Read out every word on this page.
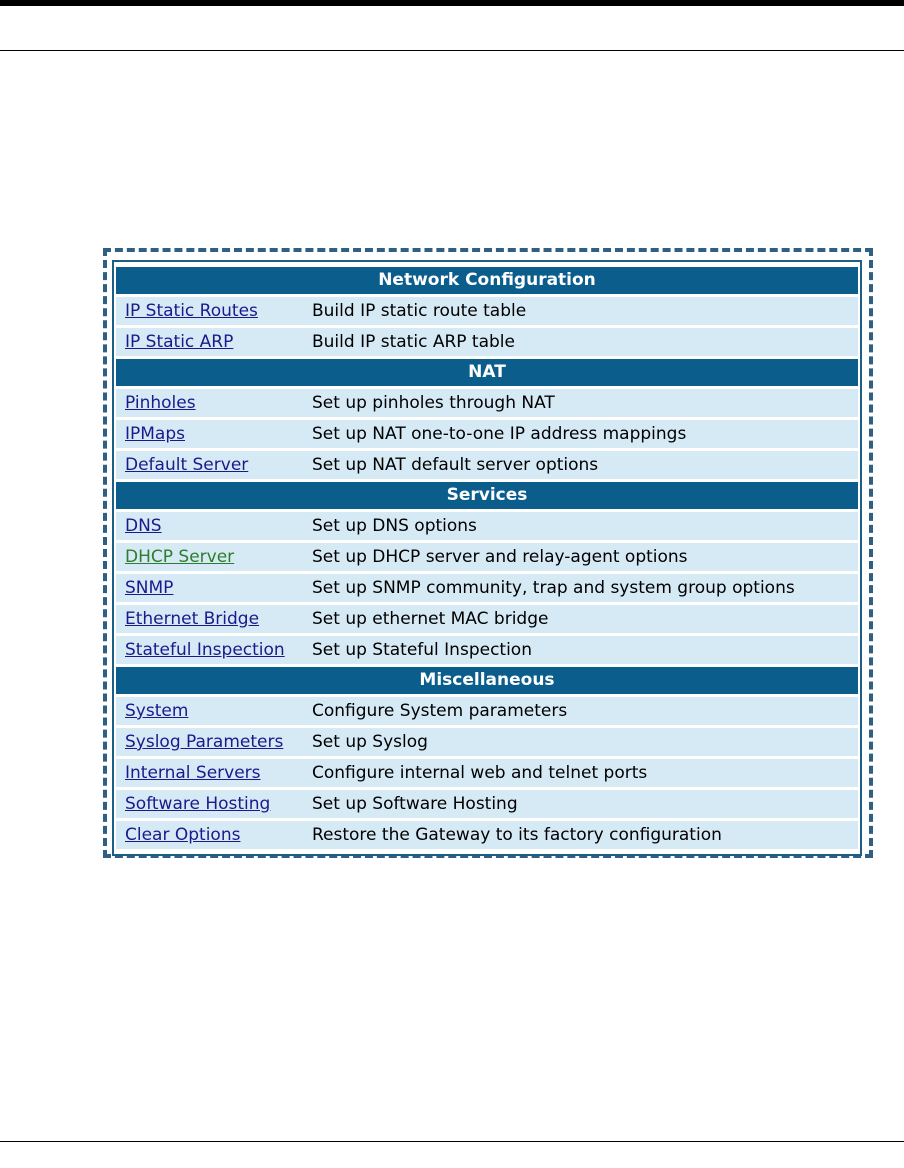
Network Configuration	
IP Static Routes	Build IP static route table
IP Static ARP	Build IP static ARP table
NAT	
Pinholes	Set up pinholes through NAT
IPMaps	Set up NAT one-to-one IP address mappings
Default Server	Set up NAT default server options
Services	
DNS	Set up DNS options
DHCP Server	Set up DHCP server and relay-agent options
SNMP	Set up SNMP community, trap and system group options
Ethernet Bridge	Set up ethernet MAC bridge
Stateful Inspection	Set up Stateful Inspection
Miscellaneous	
System	Configure System parameters
Syslog Parameters	Set up Syslog
Internal Servers	Configure internal web and telnet ports
Software Hosting	Set up Software Hosting
Clear Options	Restore the Gateway to its factory configuration
